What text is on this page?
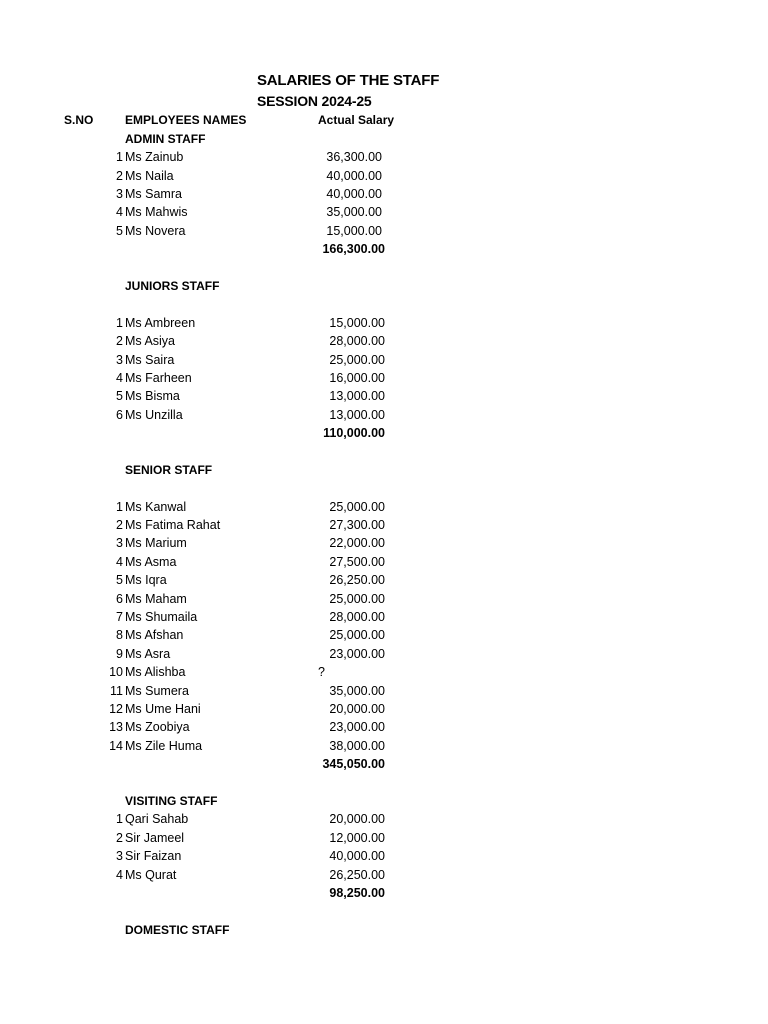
SALARIES OF THE STAFF
SESSION 2024-25
S.NO	EMPLOYEES NAMES	Actual Salary
ADMIN STAFF
1 Ms Zainub	36,300.00
2 Ms Naila	40,000.00
3 Ms Samra	40,000.00
4 Ms Mahwis	35,000.00
5 Ms Novera	15,000.00
166,300.00
JUNIORS STAFF
1 Ms Ambreen	15,000.00
2 Ms Asiya	28,000.00
3 Ms Saira	25,000.00
4 Ms Farheen	16,000.00
5 Ms Bisma	13,000.00
6 Ms Unzilla	13,000.00
110,000.00
SENIOR STAFF
1 Ms Kanwal	25,000.00
2 Ms Fatima Rahat	27,300.00
3 Ms Marium	22,000.00
4 Ms Asma	27,500.00
5 Ms Iqra	26,250.00
6 Ms Maham	25,000.00
7 Ms Shumaila	28,000.00
8 Ms Afshan	25,000.00
9 Ms Asra	23,000.00
10 Ms Alishba	?
11 Ms Sumera	35,000.00
12 Ms Ume Hani	20,000.00
13 Ms Zoobiya	23,000.00
14 Ms Zile Huma	38,000.00
345,050.00
VISITING STAFF
1 Qari Sahab	20,000.00
2 Sir Jameel	12,000.00
3 Sir Faizan	40,000.00
4 Ms Qurat	26,250.00
98,250.00
DOMESTIC STAFF
